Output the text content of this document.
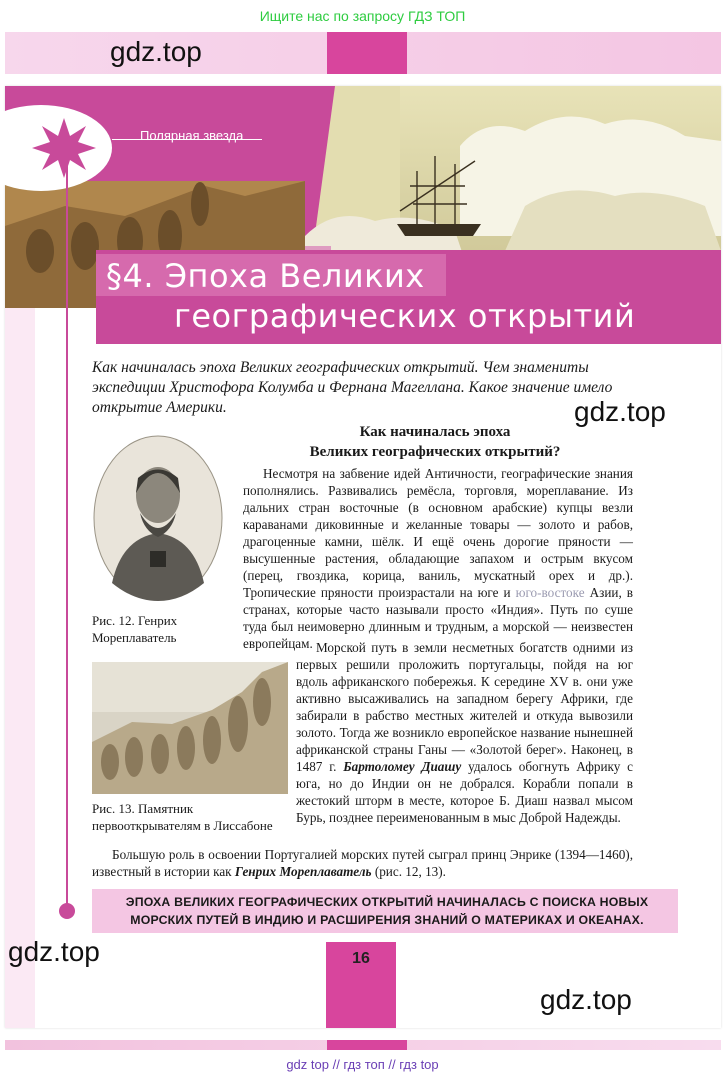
Ищите нас по запросу ГДЗ ТОП
gdz.top
Полярная звезда
§4. Эпоха Великих
географических открытий
Как начиналась эпоха Великих географических открытий. Чем знамениты экспедиции Христофора Колумба и Фернана Магеллана. Какое значение имело открытие Америки.	gdz.top
Как начиналась эпоха
Великих географических открытий?
Рис. 12. Генрих Мореплаватель
Несмотря на забвение идей Античности, географические знания пополнялись. Развивались ремёсла, торговля, мореплавание. Из дальних стран восточные (в основном арабские) купцы везли караванами диковинные и желанные товары — золото и рабов, драгоценные камни, шёлк. И ещё очень дорогие пряности — высушенные растения, обладающие запахом и острым вкусом (перец, гвоздика, корица, ваниль, мускатный орех и др.). Тропические пряности произрастали на юге и юго-востоке Азии, в странах, которые часто называли просто «Индия». Путь по суше туда был неимоверно длинным и трудным, а морской — неизвестен европейцам.
Рис. 13. Памятник первооткрывателям в Лиссабоне
Морской путь в земли несметных богатств одними из первых решили проложить португальцы, пойдя на юг вдоль африканского побережья. К середине XV в. они уже активно высаживались на западном берегу Африки, где забирали в рабство местных жителей и откуда вывозили золото. Тогда же возникло европейское название нынешней африканской страны Ганы — «Золотой берег». Наконец, в 1487 г. Бартоломеу Диашу удалось обогнуть Африку с юга, но до Индии он не добрался. Корабли попали в жестокий шторм в месте, которое Б. Диаш назвал мысом Бурь, позднее переименованным в мыс Доброй Надежды.
Большую роль в освоении Португалией морских путей сыграл принц Энрике (1394—1460), известный в истории как Генрих Мореплаватель (рис. 12, 13).
ЭПОХА ВЕЛИКИХ ГЕОГРАФИЧЕСКИХ ОТКРЫТИЙ НАЧИНАЛАСЬ С ПОИСКА НОВЫХ МОРСКИХ ПУТЕЙ В ИНДИЮ И РАСШИРЕНИЯ ЗНАНИЙ О МАТЕРИКАХ И ОКЕАНАХ.
gdz.top	16
gdz.top
gdz top // гдз топ // гдз top
